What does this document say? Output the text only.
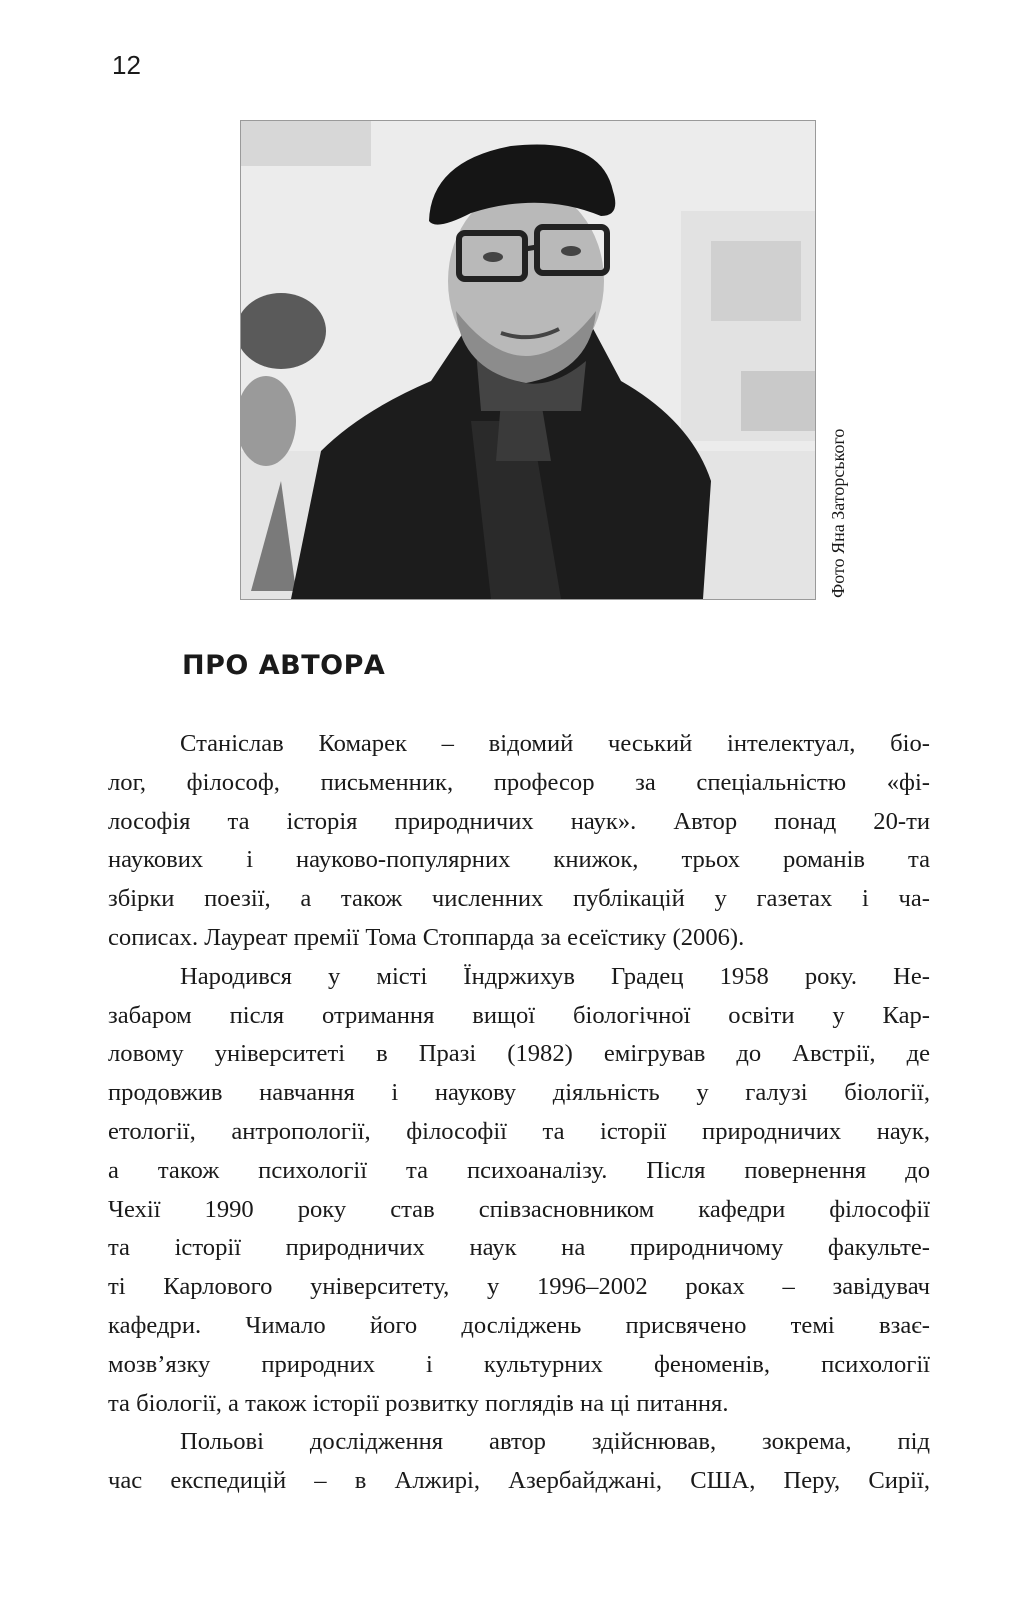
12
Фото Яна Заторського
ПРО АВТОРА
Станіслав Комарек – відомий чеський інтелектуал, біо-
лог, філософ, письменник, професор за спеціальністю «фі-
лософія та історія природничих наук». Автор понад 20-ти
наукових і науково-популярних книжок, трьох романів та
збірки поезії, а також численних публікацій у газетах і ча-
сописах. Лауреат премії Тома Стоппарда за есеїстику (2006).
Народився у місті Їндржихув Градец 1958 року. Не-
забаром після отримання вищої біологічної освіти у Кар-
ловому університеті в Празі (1982) емігрував до Австрії, де
продовжив навчання і наукову діяльність у галузі біології,
етології, антропології, філософії та історії природничих наук,
а також психології та психоаналізу. Після повернення до
Чехії 1990 року став співзасновником кафедри філософії
та історії природничих наук на природничому факульте-
ті Карлового університету, у 1996–2002 роках – завідувач
кафедри. Чимало його досліджень присвячено темі взає-
мозв’язку природних і культурних феноменів, психології
та біології, а також історії розвитку поглядів на ці питання.
Польові дослідження автор здійснював, зокрема, під
час експедицій – в Алжирі, Азербайджані, США, Перу, Сирії,
